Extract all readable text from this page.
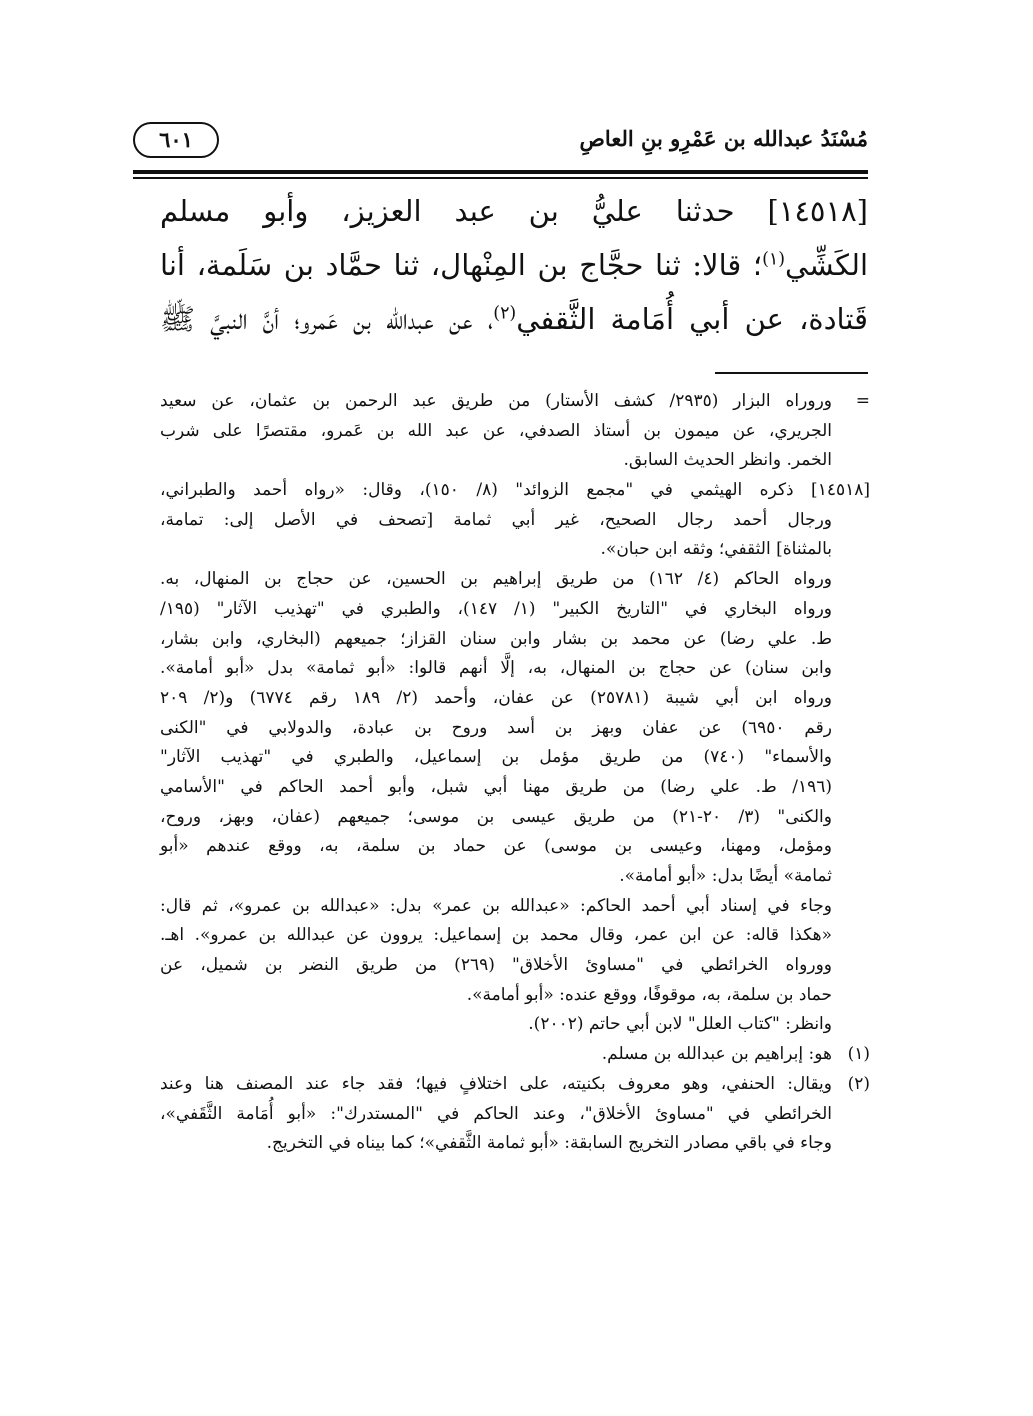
مُسْنَدُ عبدالله بن عَمْرِو بنِ العاصِ
٦٠١
[١٤٥١٨] حدثنا عليُّ بن عبد العزيز، وأبو مسلم
الكَشِّي$^{(١)}$؛ قالا: ثنا حجَّاج بن المِنْهال، ثنا حمَّاد بن سَلَمة، أنا
قَتادة، عن أبي أُمَامة الثَّقفي$^{(٢)}$، عن عبدالله بن عَمرو؛ أنَّ النبيَّ ﷺ
=
وروراه البزار (٢٩٣٥/ كشف الأستار) من طريق عبد الرحمن بن عثمان، عن سعيد
الجريري، عن ميمون بن أستاذ الصدفي، عن عبد الله بن عَمرو، مقتصرًا على شرب
الخمر. وانظر الحديث السابق.
[١٤٥١٨] ذكره الهيثمي في "مجمع الزوائد" (٨/ ١٥٠)، وقال: «رواه أحمد والطبراني،
ورجال أحمد رجال الصحيح، غير أبي ثمامة [تصحف في الأصل إلى: تمامة،
بالمثناة] الثقفي؛ وثقه ابن حبان».
ورواه الحاكم (٤/ ١٦٢) من طريق إبراهيم بن الحسين، عن حجاج بن المنهال، به.
ورواه البخاري في "التاريخ الكبير" (١/ ١٤٧)، والطبري في "تهذيب الآثار" (١٩٥/
ط. علي رضا) عن محمد بن بشار وابن سنان القزاز؛ جميعهم (البخاري، وابن بشار،
وابن سنان) عن حجاج بن المنهال، به، إلَّا أنهم قالوا: «أبو ثمامة» بدل «أبو أمامة».
ورواه ابن أبي شيبة (٢٥٧٨١) عن عفان، وأحمد (٢/ ١٨٩ رقم ٦٧٧٤) و(٢/ ٢٠٩
رقم ٦٩٥٠) عن عفان وبهز بن أسد وروح بن عبادة، والدولابي في "الكنى
والأسماء" (٧٤٠) من طريق مؤمل بن إسماعيل، والطبري في "تهذيب الآثار"
(١٩٦/ ط. علي رضا) من طريق مهنا أبي شبل، وأبو أحمد الحاكم في "الأسامي
والكنى" (٣/ ٢٠-٢١) من طريق عيسى بن موسى؛ جميعهم (عفان، وبهز، وروح،
ومؤمل، ومهنا، وعيسى بن موسى) عن حماد بن سلمة، به، ووقع عندهم «أبو
ثمامة» أيضًا بدل: «أبو أمامة».
وجاء في إسناد أبي أحمد الحاكم: «عبدالله بن عمر» بدل: «عبدالله بن عمرو»، ثم قال:
«هكذا قاله: عن ابن عمر، وقال محمد بن إسماعيل: يروون عن عبدالله بن عمرو». اهـ.
وورواه الخرائطي في "مساوئ الأخلاق" (٢٦٩) من طريق النضر بن شميل، عن
حماد بن سلمة، به، موقوفًا، ووقع عنده: «أبو أمامة».
وانظر: "كتاب العلل" لابن أبي حاتم (٢٠٠٢).
(١)
هو: إبراهيم بن عبدالله بن مسلم.
(٢)
ويقال: الحنفي، وهو معروف بكنيته، على اختلافٍ فيها؛ فقد جاء عند المصنف هنا وعند
الخرائطي في "مساوئ الأخلاق"، وعند الحاكم في "المستدرك": «أبو أُمَامة الثَّقَفي»،
وجاء في باقي مصادر التخريج السابقة: «أبو ثمامة الثَّقفي»؛ كما بيناه في التخريج.
